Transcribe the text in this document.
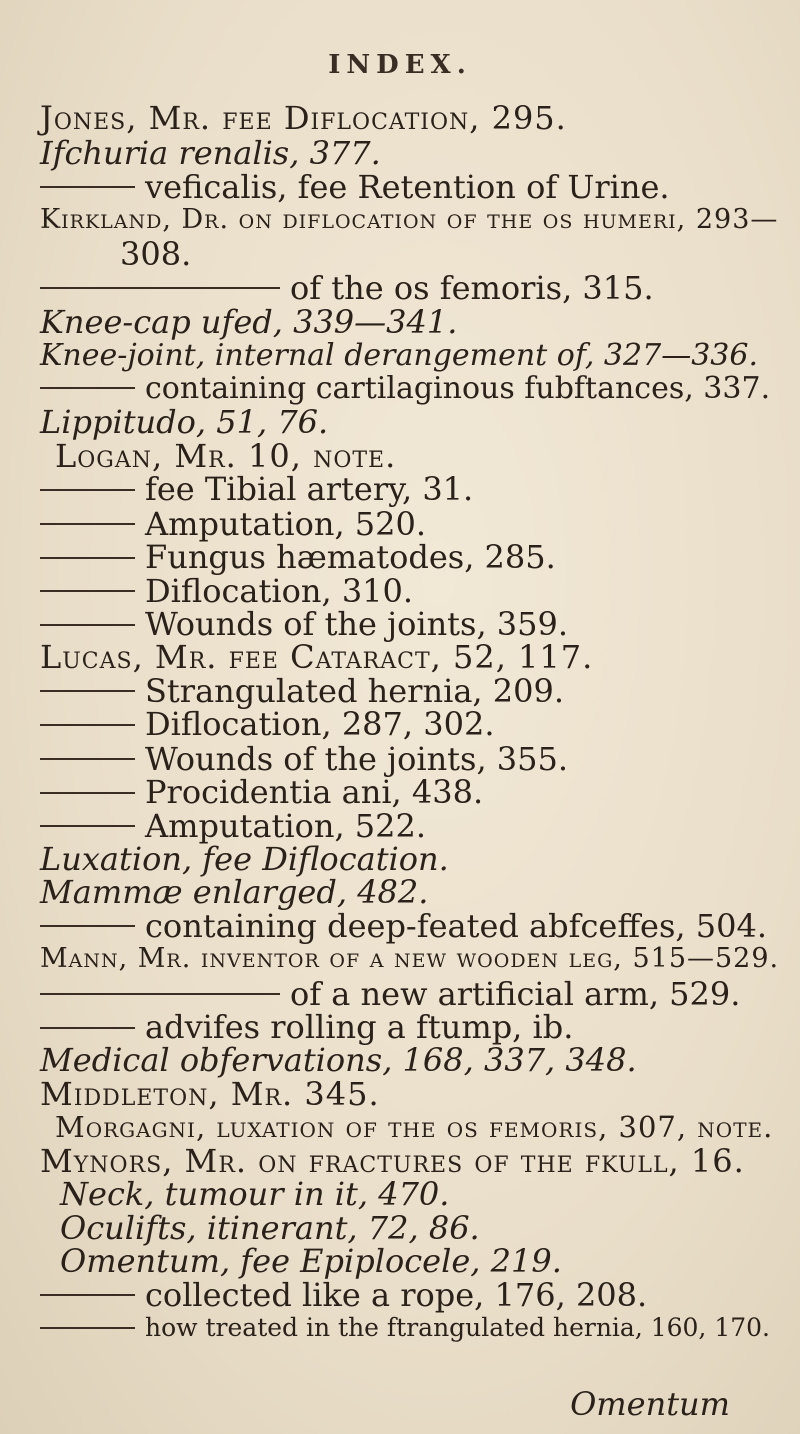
INDEX.
Jones, Mr. fee Diflocation, 295.
Ifchuria renalis, 377.
veficalis, fee Retention of Urine.
Kirkland, Dr. on diflocation of the os humeri, 293—
308.
of the os femoris, 315.
Knee-cap ufed, 339—341.
Knee-joint, internal derangement of, 327—336.
containing cartilaginous fubftances, 337.
Lippitudo, 51, 76.
Logan, Mr. 10, note.
fee Tibial artery, 31.
Amputation, 520.
Fungus hæmatodes, 285.
Diflocation, 310.
Wounds of the joints, 359.
Lucas, Mr. fee Cataract, 52, 117.
Strangulated hernia, 209.
Diflocation, 287, 302.
Wounds of the joints, 355.
Procidentia ani, 438.
Amputation, 522.
Luxation, fee Diflocation.
Mammæ enlarged, 482.
containing deep-feated abfceffes, 504.
Mann, Mr. inventor of a new wooden leg, 515—529.
of a new artificial arm, 529.
advifes rolling a ftump, ib.
Medical obfervations, 168, 337, 348.
Middleton, Mr. 345.
Morgagni, luxation of the os femoris, 307, note.
Mynors, Mr. on fractures of the fkull, 16.
Neck, tumour in it, 470.
Oculifts, itinerant, 72, 86.
Omentum, fee Epiplocele, 219.
collected like a rope, 176, 208.
how treated in the ftrangulated hernia, 160, 170.
Omentum
